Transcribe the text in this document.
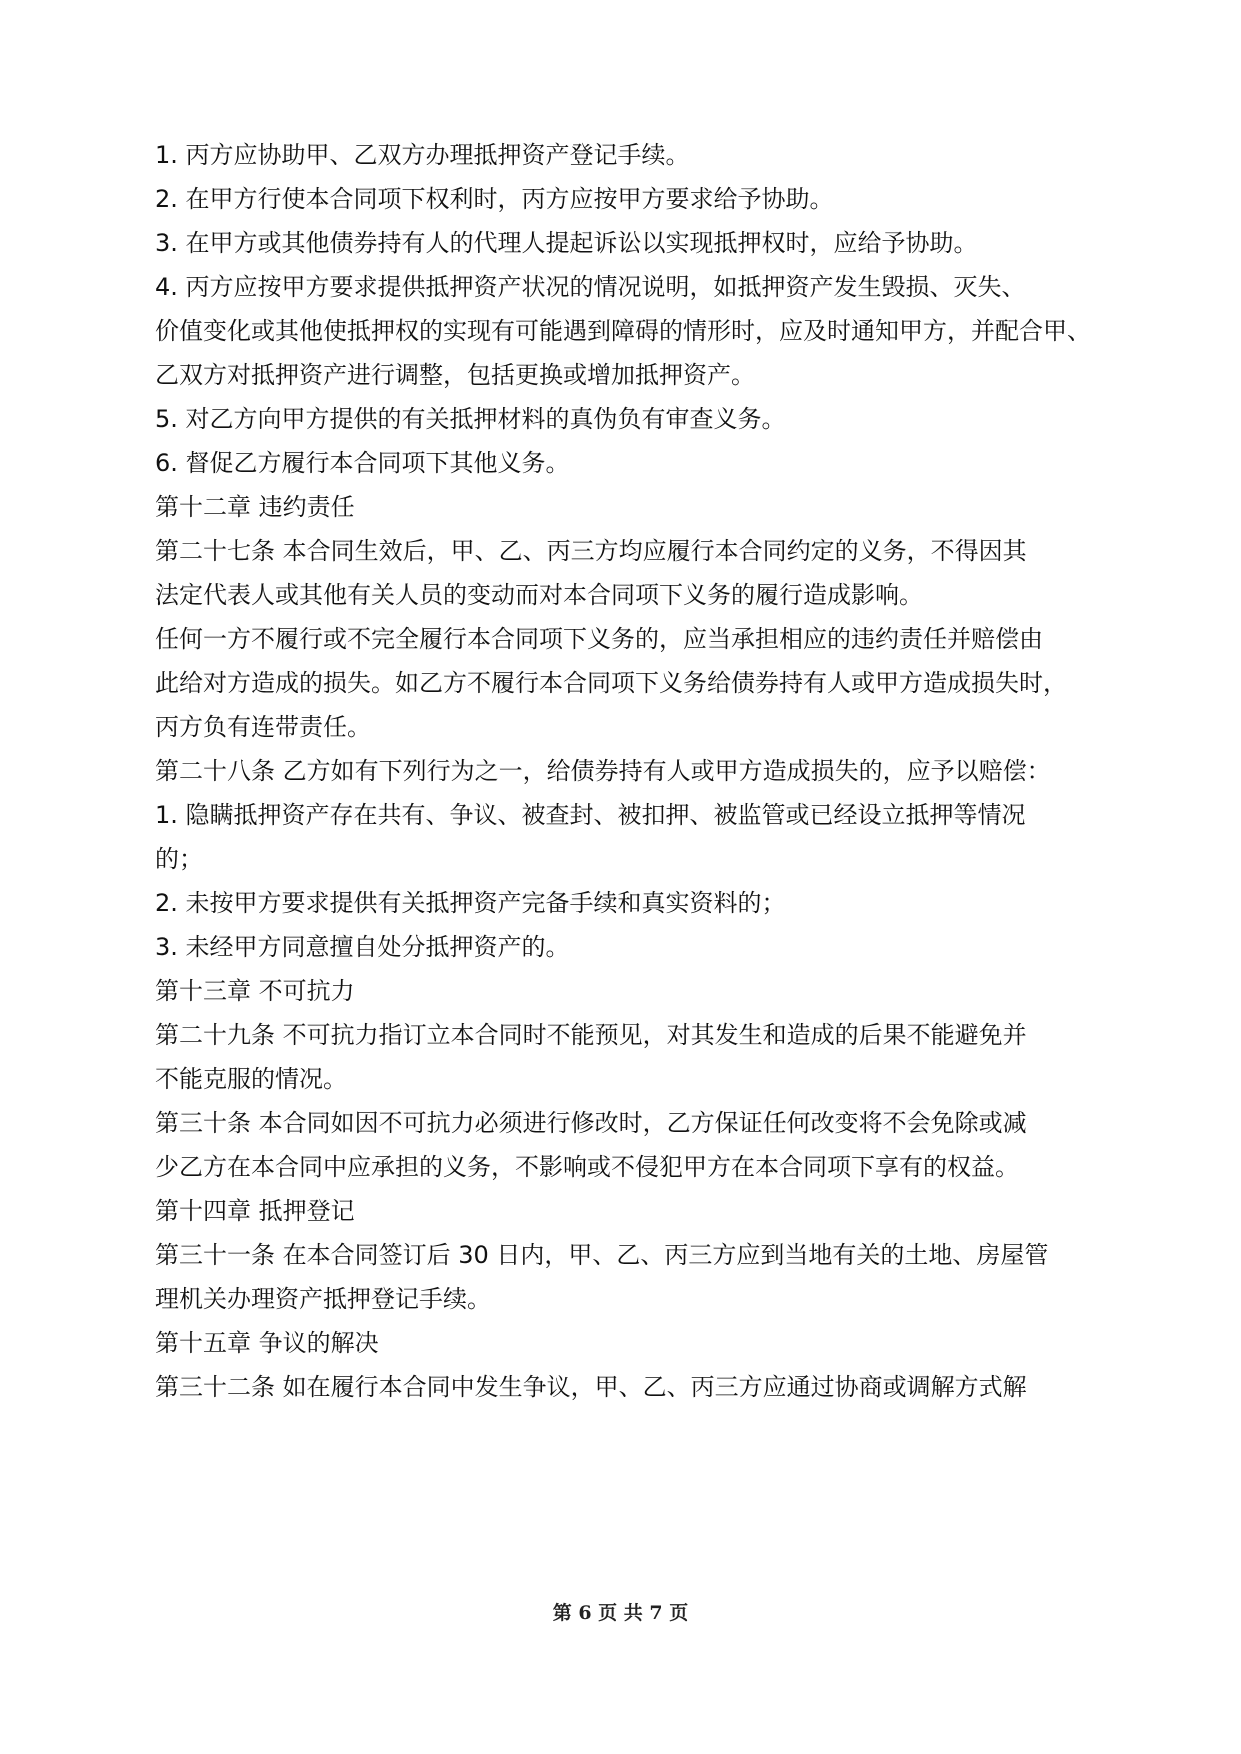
1. 丙方应协助甲、乙双方办理抵押资产登记手续。
2. 在甲方行使本合同项下权利时，丙方应按甲方要求给予协助。
3. 在甲方或其他债券持有人的代理人提起诉讼以实现抵押权时，应给予协助。
4. 丙方应按甲方要求提供抵押资产状况的情况说明，如抵押资产发生毁损、灭失、
价值变化或其他使抵押权的实现有可能遇到障碍的情形时，应及时通知甲方，并配合甲、
乙双方对抵押资产进行调整，包括更换或增加抵押资产。
5. 对乙方向甲方提供的有关抵押材料的真伪负有审查义务。
6. 督促乙方履行本合同项下其他义务。
第十二章 违约责任
第二十七条 本合同生效后，甲、乙、丙三方均应履行本合同约定的义务，不得因其
法定代表人或其他有关人员的变动而对本合同项下义务的履行造成影响。
任何一方不履行或不完全履行本合同项下义务的，应当承担相应的违约责任并赔偿由
此给对方造成的损失。如乙方不履行本合同项下义务给债券持有人或甲方造成损失时，
丙方负有连带责任。
第二十八条 乙方如有下列行为之一，给债券持有人或甲方造成损失的，应予以赔偿：
1. 隐瞒抵押资产存在共有、争议、被查封、被扣押、被监管或已经设立抵押等情况
的；
2. 未按甲方要求提供有关抵押资产完备手续和真实资料的；
3. 未经甲方同意擅自处分抵押资产的。
第十三章 不可抗力
第二十九条 不可抗力指订立本合同时不能预见，对其发生和造成的后果不能避免并
不能克服的情况。
第三十条 本合同如因不可抗力必须进行修改时，乙方保证任何改变将不会免除或减
少乙方在本合同中应承担的义务，不影响或不侵犯甲方在本合同项下享有的权益。
第十四章 抵押登记
第三十一条 在本合同签订后 30 日内，甲、乙、丙三方应到当地有关的土地、房屋管
理机关办理资产抵押登记手续。
第十五章 争议的解决
第三十二条 如在履行本合同中发生争议，甲、乙、丙三方应通过协商或调解方式解
第 6 页 共 7 页
